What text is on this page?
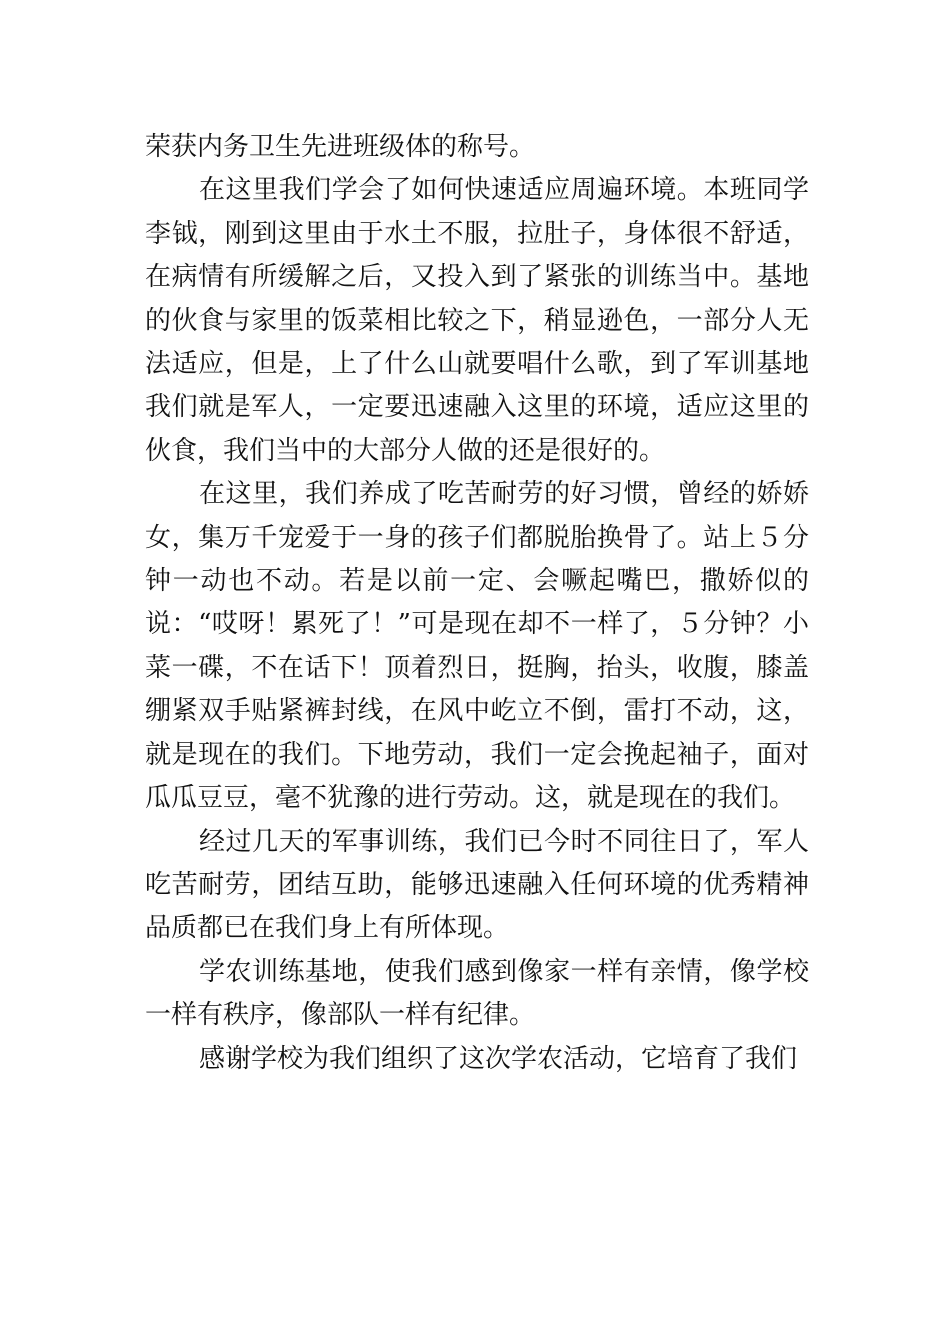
荣获内务卫生先进班级体的称号。

在这里我们学会了如何快速适应周遍环境。本班同学李钺，刚到这里由于水土不服，拉肚子，身体很不舒适，在病情有所缓解之后，又投入到了紧张的训练当中。基地的伙食与家里的饭菜相比较之下，稍显逊色，一部分人无法适应，但是，上了什么山就要唱什么歌，到了军训基地我们就是军人，一定要迅速融入这里的环境，适应这里的伙食，我们当中的大部分人做的还是很好的。

在这里，我们养成了吃苦耐劳的好习惯，曾经的娇娇女，集万千宠爱于一身的孩子们都脱胎换骨了。站上５分钟一动也不动。若是以前一定、会噘起嘴巴，撒娇似的说：“哎呀！累死了！”可是现在却不一样了，５分钟？小菜一碟，不在话下！顶着烈日，挺胸，抬头，收腹，膝盖绷紧双手贴紧裤封线，在风中屹立不倒，雷打不动，这，就是现在的我们。下地劳动，我们一定会挽起袖子，面对瓜瓜豆豆，毫不犹豫的进行劳动。这，就是现在的我们。

经过几天的军事训练，我们已今时不同往日了，军人吃苦耐劳，团结互助，能够迅速融入任何环境的优秀精神品质都已在我们身上有所体现。

学农训练基地，使我们感到像家一样有亲情，像学校一样有秩序，像部队一样有纪律。

感谢学校为我们组织了这次学农活动，它培育了我们
